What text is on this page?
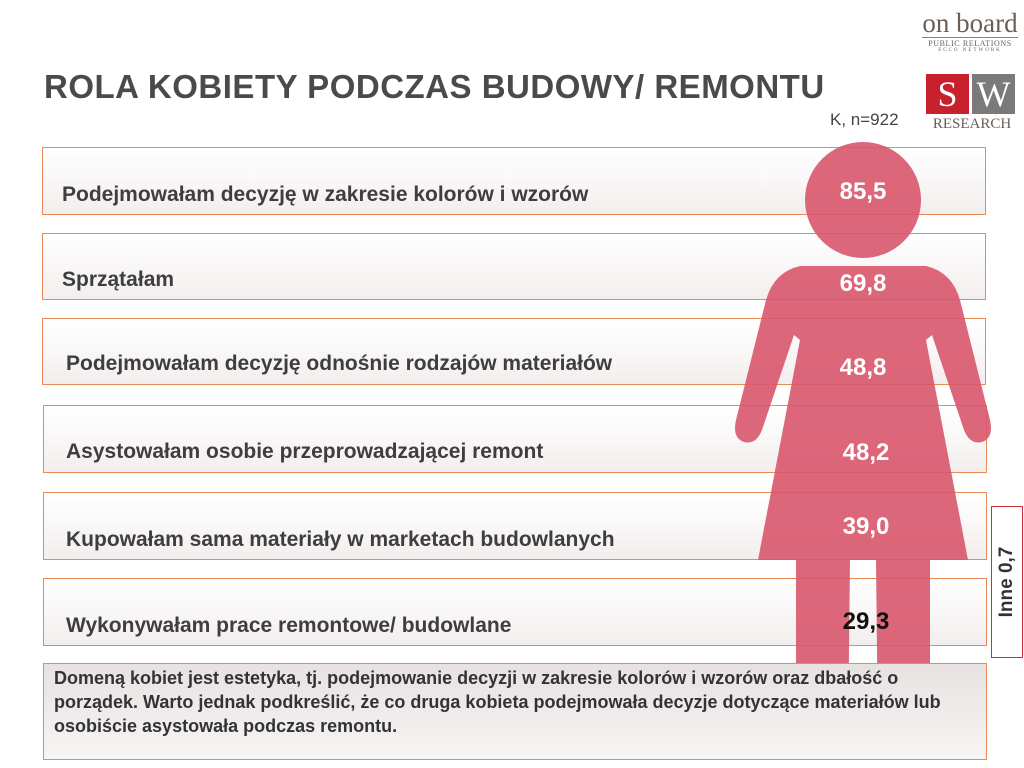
ROLA KOBIETY PODCZAS BUDOWY/ REMONTU
K, n=922
on board
PUBLIC RELATIONS
ECCO NETWORK
S W
RESEARCH
Podejmowałam decyzję w zakresie kolorów i wzorów
Sprzątałam
Podejmowałam decyzję odnośnie rodzajów materiałów
Asystowałam osobie przeprowadzającej remont
Kupowałam sama materiały w marketach budowlanych
Wykonywałam prace remontowe/ budowlane
85,5
69,8
48,8
48,2
39,0
29,3
Inne 0,7
Domeną kobiet jest estetyka, tj. podejmowanie decyzji w zakresie kolorów i wzorów oraz dbałość o porządek. Warto jednak podkreślić, że co druga kobieta podejmowała decyzje dotyczące materiałów lub osobiście asystowała podczas remontu.
